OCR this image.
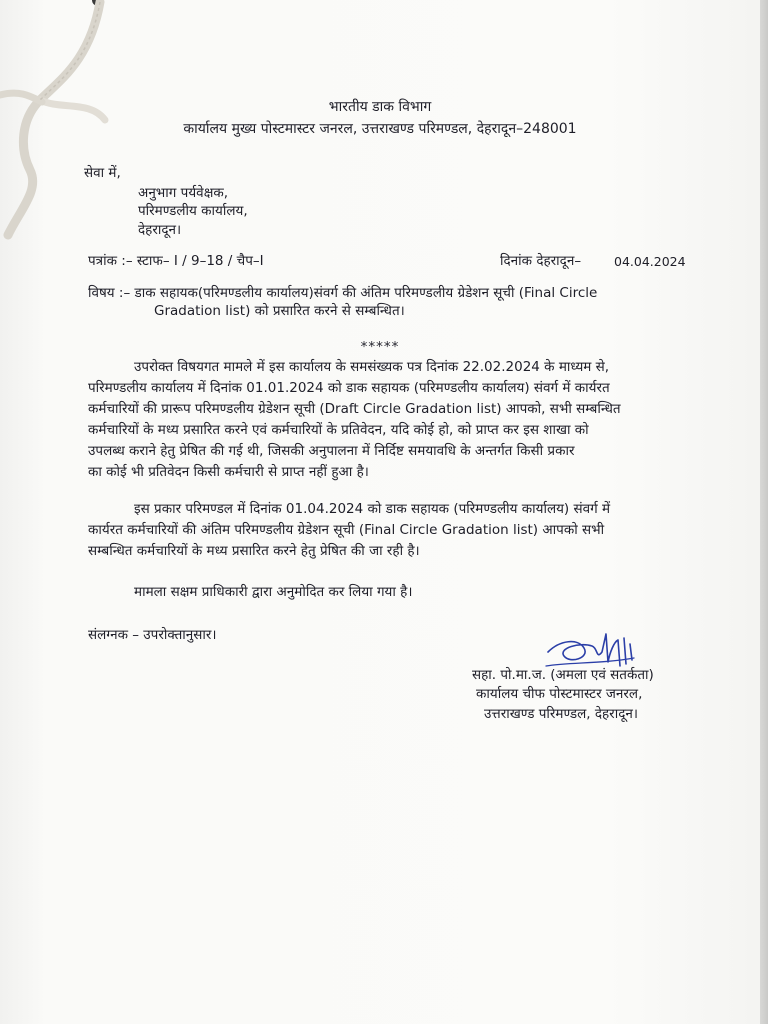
भारतीय डाक विभाग
कार्यालय मुख्य पोस्टमास्टर जनरल, उत्तराखण्ड परिमण्डल, देहरादून–248001
सेवा में,
अनुभाग पर्यवेक्षक,
परिमण्डलीय कार्यालय,
देहरादून।
पत्रांक :– स्टाफ– I / 9–18 / चैप–I	दिनांक देहरादून–	04.04.2024
विषय :– डाक सहायक(परिमण्डलीय कार्यालय)संवर्ग की अंतिम परिमण्डलीय ग्रेडेशन सूची (Final Circle
Gradation list) को प्रसारित करने से सम्बन्धित।
*****
उपरोक्त विषयगत मामले में इस कार्यालय के समसंख्यक पत्र दिनांक 22.02.2024 के माध्यम से,
परिमण्डलीय कार्यालय में दिनांक 01.01.2024 को डाक सहायक (परिमण्डलीय कार्यालय) संवर्ग में कार्यरत
कर्मचारियों की प्रारूप परिमण्डलीय ग्रेडेशन सूची (Draft Circle Gradation list) आपको, सभी सम्बन्धित
कर्मचारियों के मध्य प्रसारित करने एवं कर्मचारियों के प्रतिवेदन, यदि कोई हो, को प्राप्त कर इस शाखा को
उपलब्ध कराने हेतु प्रेषित की गई थी, जिसकी अनुपालना में निर्दिष्ट समयावधि के अन्तर्गत किसी प्रकार
का कोई भी प्रतिवेदन किसी कर्मचारी से प्राप्त नहीं हुआ है।
इस प्रकार परिमण्डल में दिनांक 01.04.2024 को डाक सहायक (परिमण्डलीय कार्यालय) संवर्ग में
कार्यरत कर्मचारियों की अंतिम परिमण्डलीय ग्रेडेशन सूची (Final Circle Gradation list) आपको सभी
सम्बन्धित कर्मचारियों के मध्य प्रसारित करने हेतु प्रेषित की जा रही है।
मामला सक्षम प्राधिकारी द्वारा अनुमोदित कर लिया गया है।
संलग्नक – उपरोक्तानुसार।
सहा. पो.मा.ज. (अमला एवं सतर्कता)
कार्यालय चीफ पोस्टमास्टर जनरल,
उत्तराखण्ड परिमण्डल, देहरादून।
